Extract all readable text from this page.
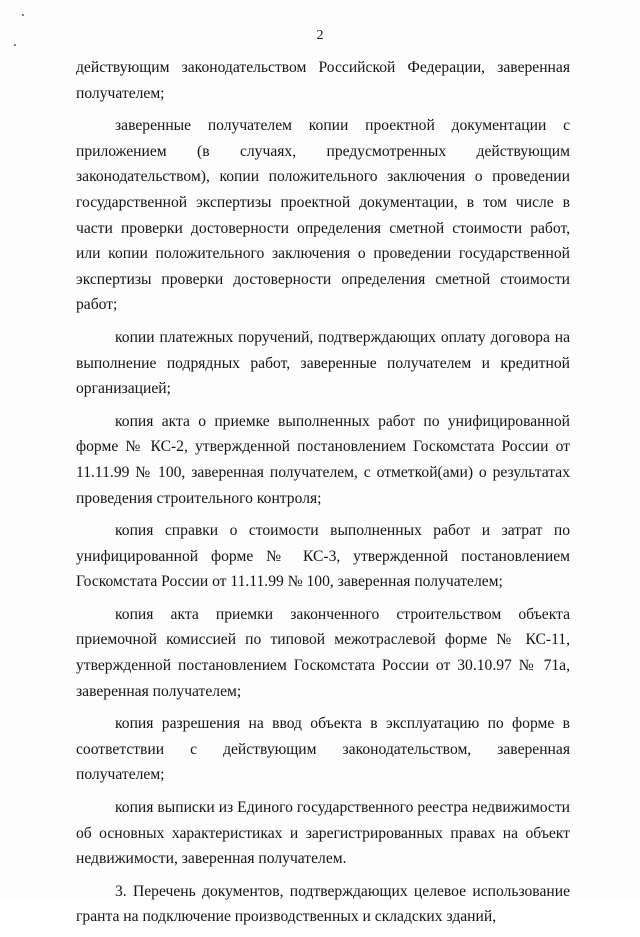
2

действующим законодательством Российской Федерации, заверенная получателем;

заверенные получателем копии проектной документации с приложением (в случаях, предусмотренных действующим законодательством), копии положительного заключения о проведении государственной экспертизы проектной документации, в том числе в части проверки достоверности определения сметной стоимости работ, или копии положительного заключения о проведении государственной экспертизы проверки достоверности определения сметной стоимости работ;

копии платежных поручений, подтверждающих оплату договора на выполнение подрядных работ, заверенные получателем и кредитной организацией;

копия акта о приемке выполненных работ по унифицированной форме № КС-2, утвержденной постановлением Госкомстата России от 11.11.99 № 100, заверенная получателем, с отметкой(ами) о результатах проведения строительного контроля;

копия справки о стоимости выполненных работ и затрат по унифицированной форме № КС-3, утвержденной постановлением Госкомстата России от 11.11.99 № 100, заверенная получателем;

копия акта приемки законченного строительством объекта приемочной комиссией по типовой межотраслевой форме № КС-11, утвержденной постановлением Госкомстата России от 30.10.97 № 71а, заверенная получателем;

копия разрешения на ввод объекта в эксплуатацию по форме в соответствии с действующим законодательством, заверенная получателем;

копия выписки из Единого государственного реестра недвижимости об основных характеристиках и зарегистрированных правах на объект недвижимости, заверенная получателем.

3. Перечень документов, подтверждающих целевое использование гранта на подключение производственных и складских зданий,
